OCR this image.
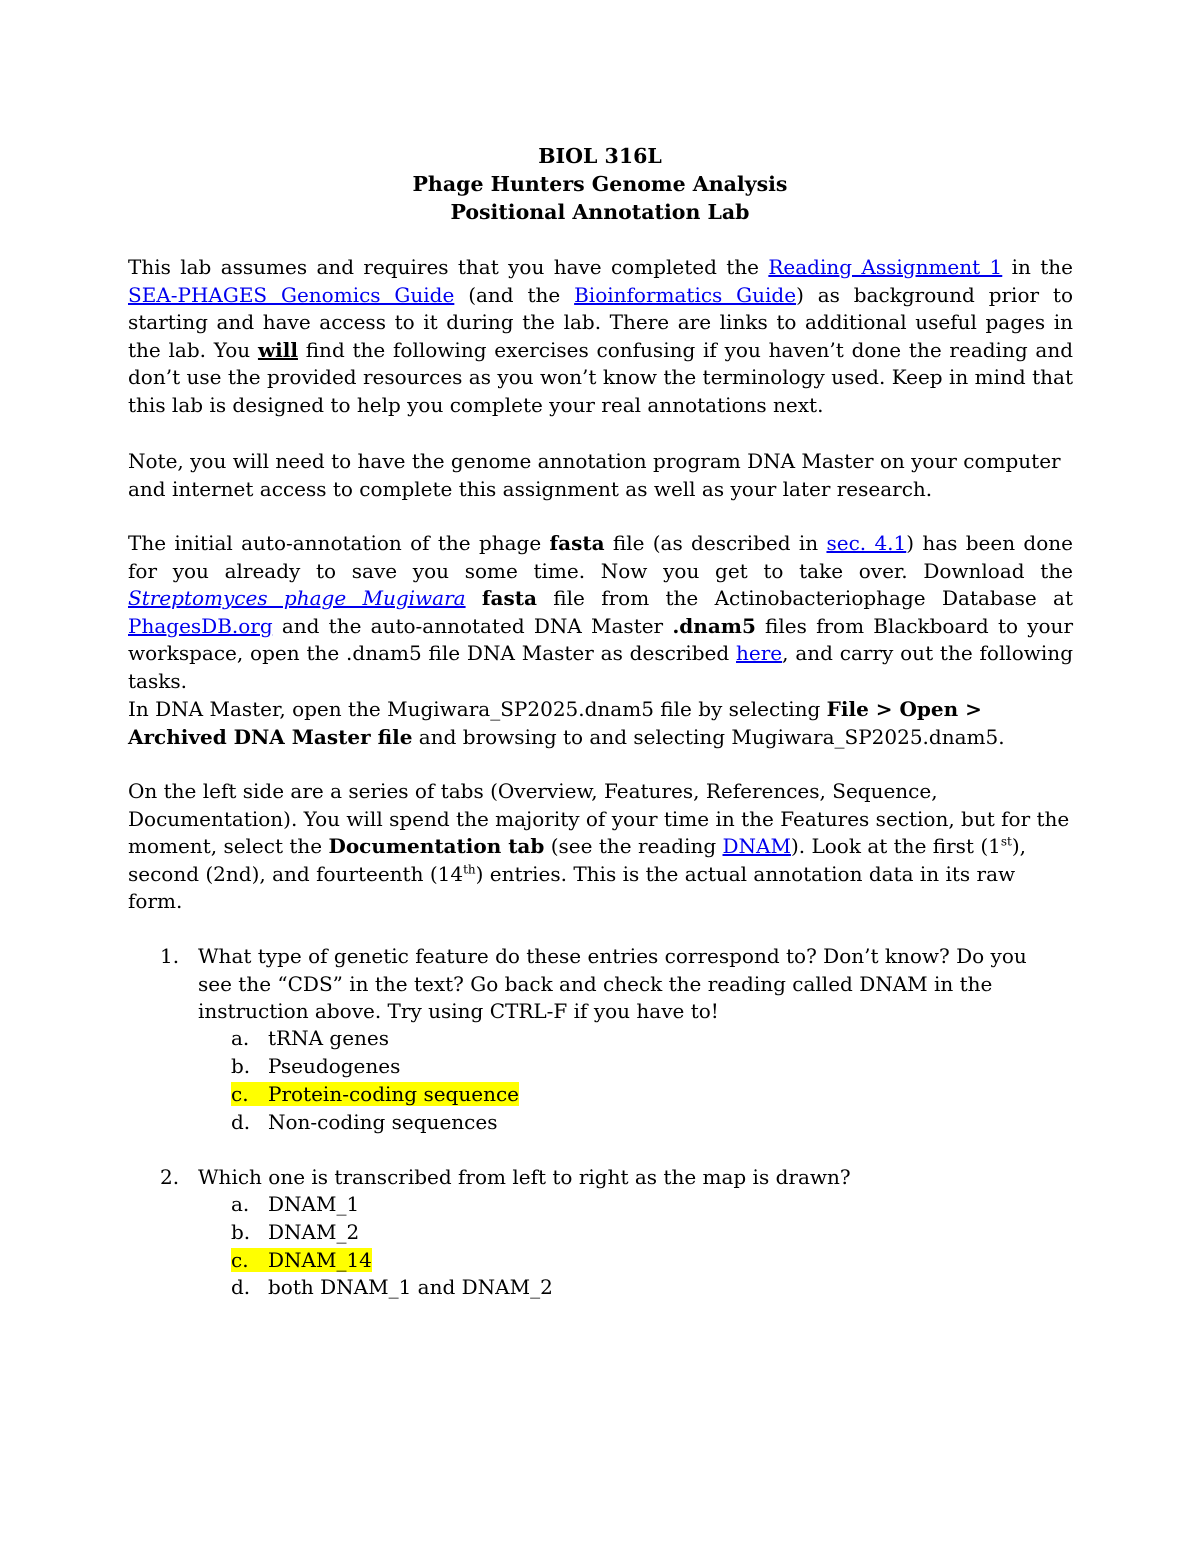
BIOL 316L
Phage Hunters Genome Analysis
Positional Annotation Lab
This lab assumes and requires that you have completed the Reading Assignment 1 in the SEA-PHAGES Genomics Guide (and the Bioinformatics Guide) as background prior to starting and have access to it during the lab. There are links to additional useful pages in the lab. You will find the following exercises confusing if you haven’t done the reading and don’t use the provided resources as you won’t know the terminology used. Keep in mind that this lab is designed to help you complete your real annotations next.
Note, you will need to have the genome annotation program DNA Master on your computer and internet access to complete this assignment as well as your later research.
The initial auto-annotation of the phage fasta file (as described in sec. 4.1) has been done for you already to save you some time. Now you get to take over. Download the Streptomyces phage Mugiwara fasta file from the Actinobacteriophage Database at PhagesDB.org and the auto-annotated DNA Master .dnam5 files from Blackboard to your workspace, open the .dnam5 file DNA Master as described here, and carry out the following tasks.
In DNA Master, open the Mugiwara_SP2025.dnam5 file by selecting File > Open > Archived DNA Master file and browsing to and selecting Mugiwara_SP2025.dnam5.
On the left side are a series of tabs (Overview, Features, References, Sequence, Documentation). You will spend the majority of your time in the Features section, but for the moment, select the Documentation tab (see the reading DNAM). Look at the first (1st), second (2nd), and fourteenth (14th) entries. This is the actual annotation data in its raw form.
1. What type of genetic feature do these entries correspond to? Don’t know? Do you see the “CDS” in the text? Go back and check the reading called DNAM in the instruction above. Try using CTRL-F if you have to!
a. tRNA genes
b. Pseudogenes
c. Protein-coding sequence
d. Non-coding sequences
2. Which one is transcribed from left to right as the map is drawn?
a. DNAM_1
b. DNAM_2
c. DNAM_14
d. both DNAM_1 and DNAM_2
